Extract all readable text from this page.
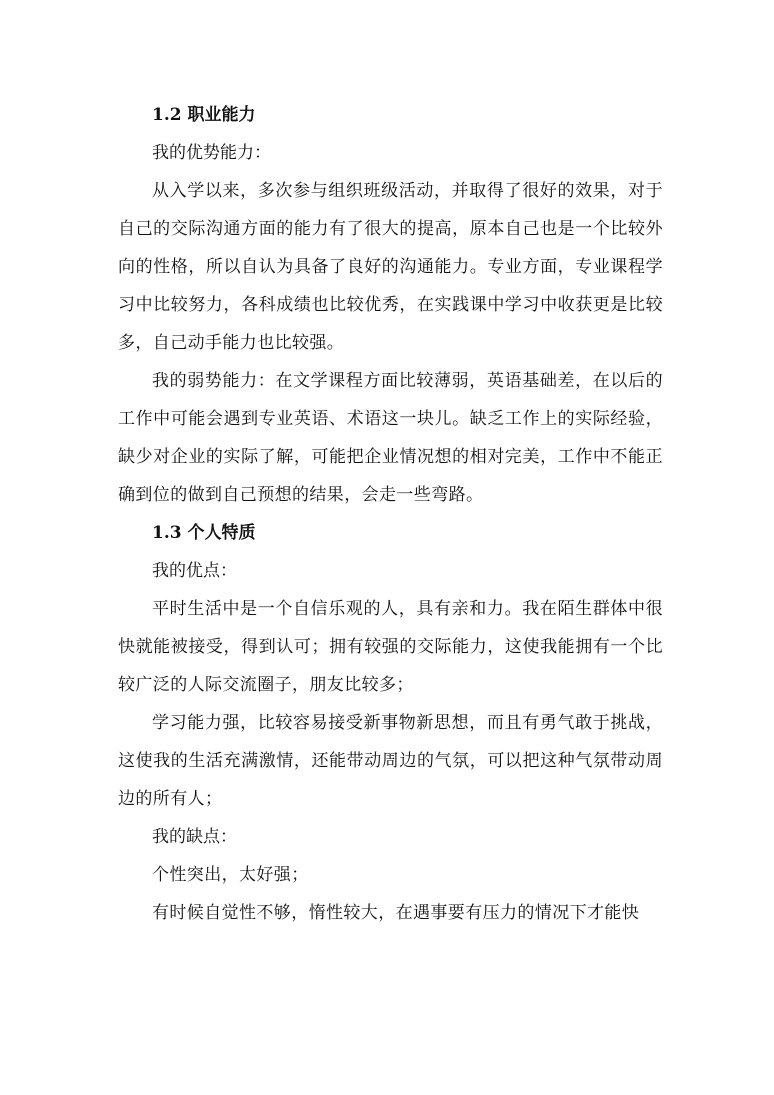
1.2 职业能力
我的优势能力：

从入学以来，多次参与组织班级活动，并取得了很好的效果，对于自己的交际沟通方面的能力有了很大的提高，原本自己也是一个比较外向的性格，所以自认为具备了良好的沟通能力。专业方面，专业课程学习中比较努力，各科成绩也比较优秀，在实践课中学习中收获更是比较多，自己动手能力也比较强。

我的弱势能力：在文学课程方面比较薄弱，英语基础差，在以后的工作中可能会遇到专业英语、术语这一块儿。缺乏工作上的实际经验，缺少对企业的实际了解，可能把企业情况想的相对完美，工作中不能正确到位的做到自己预想的结果，会走一些弯路。

1.3 个人特质
我的优点：

平时生活中是一个自信乐观的人，具有亲和力。我在陌生群体中很快就能被接受，得到认可；拥有较强的交际能力，这使我能拥有一个比较广泛的人际交流圈子，朋友比较多；

学习能力强，比较容易接受新事物新思想，而且有勇气敢于挑战，这使我的生活充满激情，还能带动周边的气氛，可以把这种气氛带动周边的所有人；

我的缺点：

个性突出，太好强；

有时候自觉性不够，惰性较大，在遇事要有压力的情况下才能快
